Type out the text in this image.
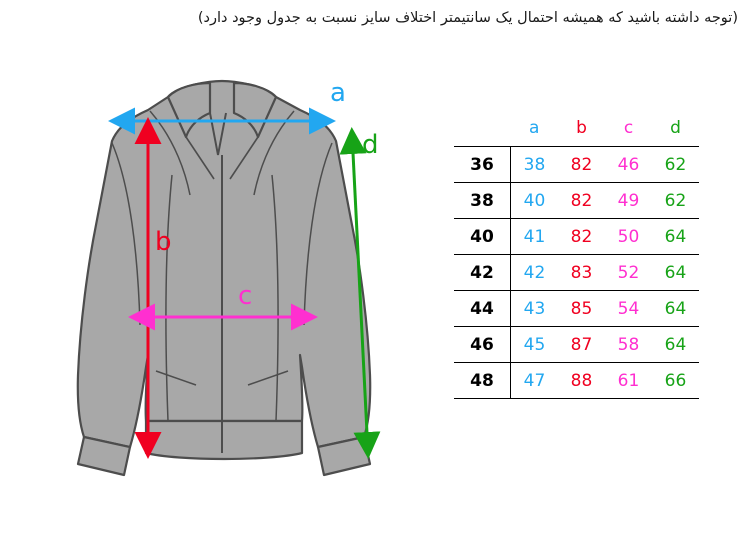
(توجه داشته باشید که همیشه احتمال یک سانتیمتر اختلاف سایز نسبت به جدول وجود دارد)
a
b
c
d
	a	b	c	d
36	38	82	46	62
38	40	82	49	62
40	41	82	50	64
42	42	83	52	64
44	43	85	54	64
46	45	87	58	64
48	47	88	61	66
